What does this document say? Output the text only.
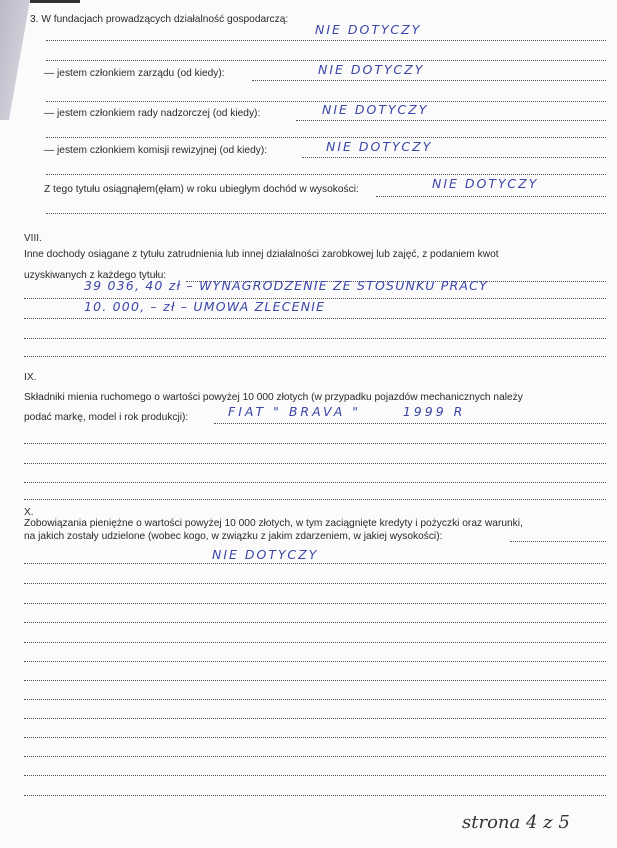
3. W fundacjach prowadzących działalność gospodarczą:
NIE DOTYCZY
— jestem członkiem zarządu (od kiedy):	NIE DOTYCZY
— jestem członkiem rady nadzorczej (od kiedy):	NIE DOTYCZY
— jestem członkiem komisji rewizyjnej (od kiedy):	NIE DOTYCZY
Z tego tytułu osiągnąłem(ęłam) w roku ubiegłym dochód w wysokości:	NIE DOTYCZY
VIII.
Inne dochody osiągane z tytułu zatrudnienia lub innej działalności zarobkowej lub zajęć, z podaniem kwot
uzyskiwanych z każdego tytułu:
39 036, 40 zł – WYNAGRODZENIE ZE STOSUNKU PRACY
10. 000, – zł – UMOWA ZLECENIE
IX.
Składniki mienia ruchomego o wartości powyżej 10 000 złotych (w przypadku pojazdów mechanicznych należy
podać markę, model i rok produkcji):	FIAT " BRAVA "      1999 R
X.
Zobowiązania pieniężne o wartości powyżej 10 000 złotych, w tym zaciągnięte kredyty i pożyczki oraz warunki,
na jakich zostały udzielone (wobec kogo, w związku z jakim zdarzeniem, w jakiej wysokości):
NIE DOTYCZY
strona 4 z 5
